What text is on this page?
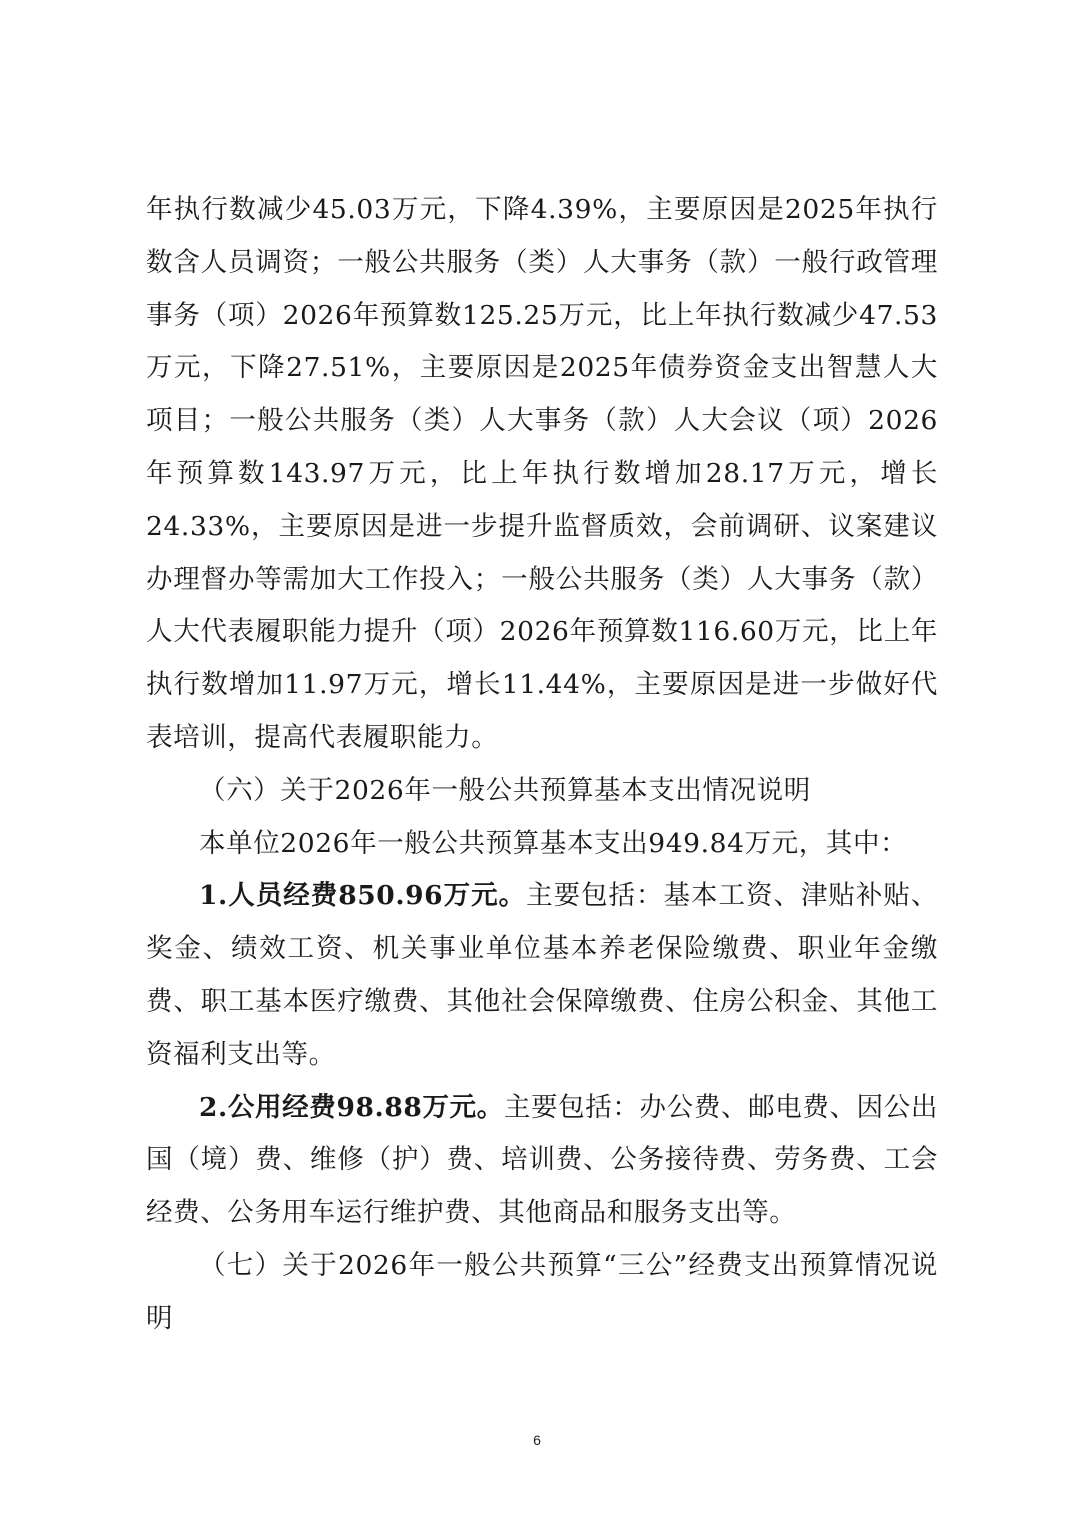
年执行数减少45.03万元，下降4.39%，主要原因是2025年执行数含人员调资；一般公共服务（类）人大事务（款）一般行政管理事务（项）2026年预算数125.25万元，比上年执行数减少47.53万元，下降27.51%，主要原因是2025年债券资金支出智慧人大项目；一般公共服务（类）人大事务（款）人大会议（项）2026年预算数143.97万元，比上年执行数增加28.17万元，增长24.33%，主要原因是进一步提升监督质效，会前调研、议案建议办理督办等需加大工作投入；一般公共服务（类）人大事务（款）人大代表履职能力提升（项）2026年预算数116.60万元，比上年执行数增加11.97万元，增长11.44%，主要原因是进一步做好代表培训，提高代表履职能力。

（六）关于2026年一般公共预算基本支出情况说明

本单位2026年一般公共预算基本支出949.84万元，其中：

1.人员经费850.96万元。主要包括：基本工资、津贴补贴、奖金、绩效工资、机关事业单位基本养老保险缴费、职业年金缴费、职工基本医疗缴费、其他社会保障缴费、住房公积金、其他工资福利支出等。

2.公用经费98.88万元。主要包括：办公费、邮电费、因公出国（境）费、维修（护）费、培训费、公务接待费、劳务费、工会经费、公务用车运行维护费、其他商品和服务支出等。

（七）关于2026年一般公共预算“三公”经费支出预算情况说明

6
